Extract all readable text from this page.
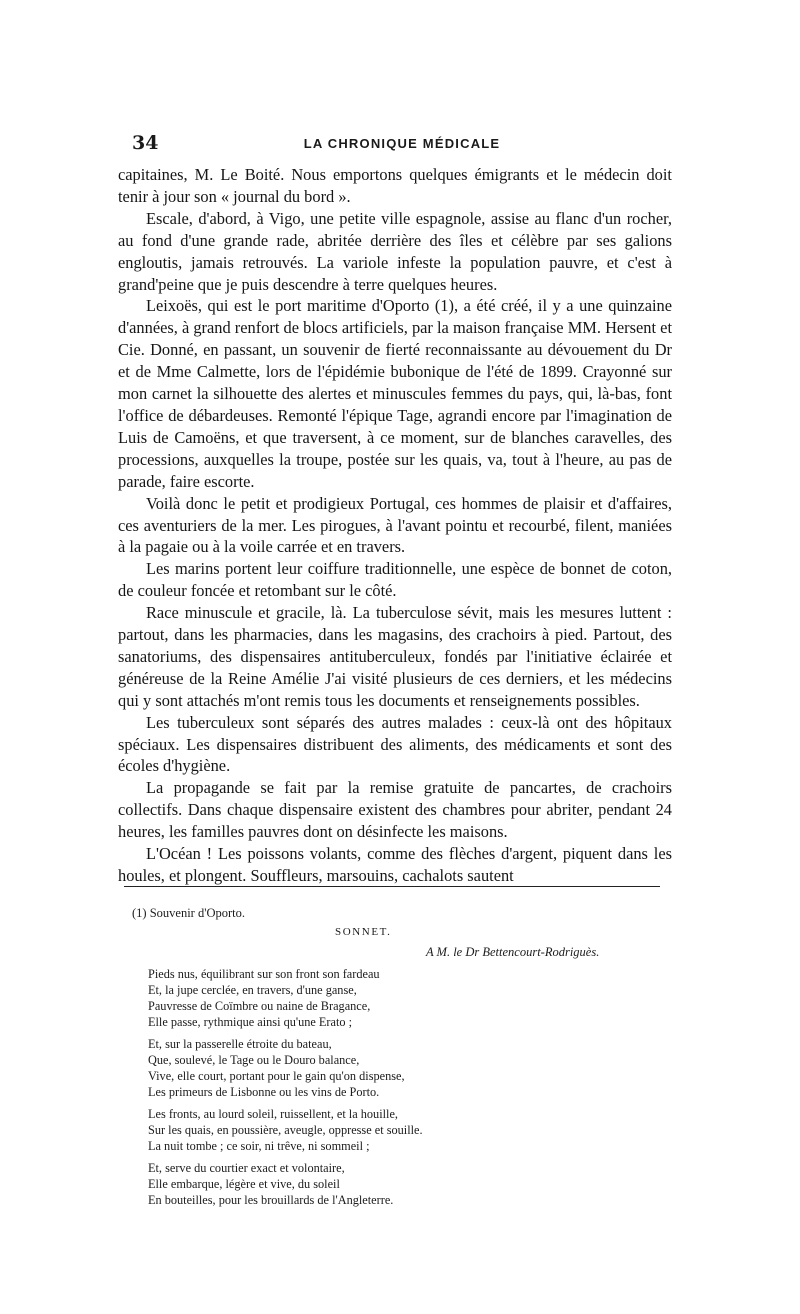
34	LA CHRONIQUE MÉDICALE

capitaines, M. Le Boité. Nous emportons quelques émigrants et le médecin doit tenir à jour son « journal du bord ».

Escale, d'abord, à Vigo, une petite ville espagnole, assise au flanc d'un rocher, au fond d'une grande rade, abritée derrière des îles et célèbre par ses galions engloutis, jamais retrouvés. La variole infeste la population pauvre, et c'est à grand'peine que je puis descendre à terre quelques heures.

Leixoës, qui est le port maritime d'Oporto (1), a été créé, il y a une quinzaine d'années, à grand renfort de blocs artificiels, par la maison française MM. Hersent et Cie. Donné, en passant, un souvenir de fierté reconnaissante au dévouement du Dr et de Mme Calmette, lors de l'épidémie bubonique de l'été de 1899. Crayonné sur mon carnet la silhouette des alertes et minuscules femmes du pays, qui, là-bas, font l'office de débardeuses. Remonté l'épique Tage, agrandi encore par l'imagination de Luis de Camoëns, et que traversent, à ce moment, sur de blanches caravelles, des processions, auxquelles la troupe, postée sur les quais, va, tout à l'heure, au pas de parade, faire escorte.

Voilà donc le petit et prodigieux Portugal, ces hommes de plaisir et d'affaires, ces aventuriers de la mer. Les pirogues, à l'avant pointu et recourbé, filent, maniées à la pagaie ou à la voile carrée et en travers.

Les marins portent leur coiffure traditionnelle, une espèce de bonnet de coton, de couleur foncée et retombant sur le côté.

Race minuscule et gracile, là. La tuberculose sévit, mais les mesures luttent : partout, dans les pharmacies, dans les magasins, des crachoirs à pied. Partout, des sanatoriums, des dispensaires antituberculeux, fondés par l'initiative éclairée et généreuse de la Reine Amélie J'ai visité plusieurs de ces derniers, et les médecins qui y sont attachés m'ont remis tous les documents et renseignements possibles.

Les tuberculeux sont séparés des autres malades : ceux-là ont des hôpitaux spéciaux. Les dispensaires distribuent des aliments, des médicaments et sont des écoles d'hygiène.

La propagande se fait par la remise gratuite de pancartes, de crachoirs collectifs. Dans chaque dispensaire existent des chambres pour abriter, pendant 24 heures, les familles pauvres dont on désinfecte les maisons.

L'Océan ! Les poissons volants, comme des flèches d'argent, piquent dans les houles, et plongent. Souffleurs, marsouins, cachalots sautent

(1) Souvenir d'Oporto.
SONNET.
A M. le Dr Bettencourt-Rodriguès.
Pieds nus, équilibrant sur son front son fardeau
Et, la jupe cerclée, en travers, d'une ganse,
Pauvresse de Coïmbre ou naine de Bragance,
Elle passe, rythmique ainsi qu'une Erato ;
Et, sur la passerelle étroite du bateau,
Que, soulevé, le Tage ou le Douro balance,
Vive, elle court, portant pour le gain qu'on dispense,
Les primeurs de Lisbonne ou les vins de Porto.
Les fronts, au lourd soleil, ruissellent, et la houille,
Sur les quais, en poussière, aveugle, oppresse et souille.
La nuit tombe ; ce soir, ni trêve, ni sommeil ;
Et, serve du courtier exact et volontaire,
Elle embarque, légère et vive, du soleil
En bouteilles, pour les brouillards de l'Angleterre.
